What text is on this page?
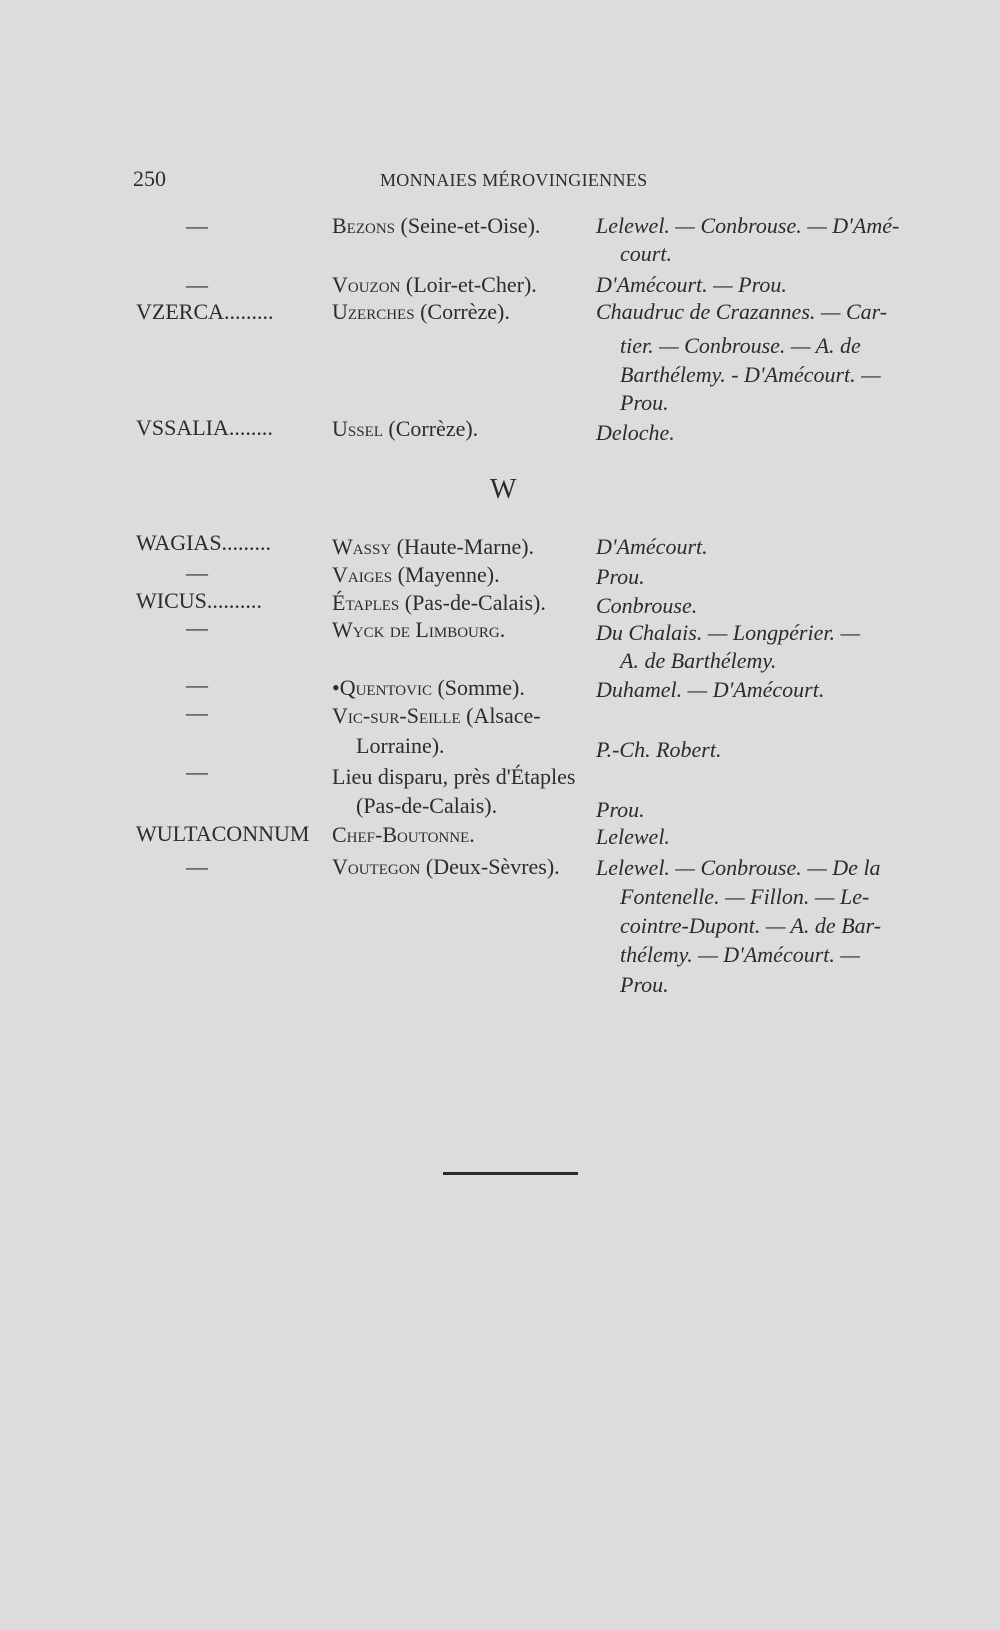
250	MONNAIES MÉROVINGIENNES
—	Bezons (Seine-et-Oise).	Lelewel. — Conbrouse. — D'Amé-
court.
—	Vouzon (Loir-et-Cher).	D'Amécourt. — Prou.
VZERCA.........	Uzerches (Corrèze).	Chaudruc de Crazannes. — Car-
tier. — Conbrouse. — A. de
Barthélemy. - D'Amécourt. —
Prou.
VSSALIA........	Ussel (Corrèze).	Deloche.
W
WAGIAS.........	Wassy (Haute-Marne).	D'Amécourt.
—	Vaiges (Mayenne).	Prou.
WICUS..........	Étaples (Pas-de-Calais). Conbrouse.
—	Wyck de Limbourg.	Du Chalais. — Longpérier. —
A. de Barthélemy.
—	•Quentovic (Somme).	Duhamel. — D'Amécourt.
—	Vic-sur-Seille (Alsace-
Lorraine).	P.-Ch. Robert.
—	Lieu disparu, près d'Étaples
(Pas-de-Calais).	Prou.
WULTACONNUM Chef-Boutonne.	Lelewel.
—	Voutegon (Deux-Sèvres). Lelewel. — Conbrouse. — De la
Fontenelle. — Fillon. — Le-
cointre-Dupont. — A. de Bar-
thélemy. — D'Amécourt. —
Prou.
